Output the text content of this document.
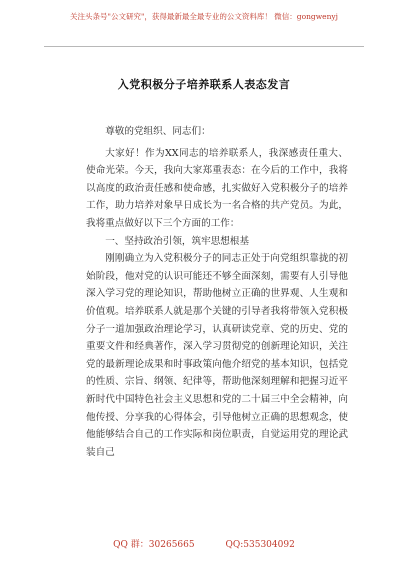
关注头条号"公文研究"，获得最新最全最专业的公文资料库！ 微信：gongwenyj
入党积极分子培养联系人表态发言

尊敬的党组织、同志们：

大家好！作为XX同志的培养联系人，我深感责任重大、使命光荣。今天，我向大家郑重表态：在今后的工作中，我将以高度的政治责任感和使命感，扎实做好入党积极分子的培养工作，助力培养对象早日成长为一名合格的共产党员。为此，我将重点做好以下三个方面的工作：

一、坚持政治引领，筑牢思想根基

刚刚确立为入党积极分子的同志正处于向党组织靠拢的初始阶段，他对党的认识可能还不够全面深刻，需要有人引导他深入学习党的理论知识，帮助他树立正确的世界观、人生观和价值观。培养联系人就是那个关键的引导者我将带领入党积极分子一道加强政治理论学习，认真研读党章、党的历史、党的重要文件和经典著作，深入学习贯彻党的创新理论知识，关注党的最新理论成果和时事政策向他介绍党的基本知识，包括党的性质、宗旨、纲领、纪律等，帮助他深刻理解和把握习近平新时代中国特色社会主义思想和党的二十届三中全会精神，向他传授、分享我的心得体会，引导他树立正确的思想观念，使他能够结合自己的工作实际和岗位职责，自觉运用党的理论武装自己

QQ 群：30265665	QQ:535304092
